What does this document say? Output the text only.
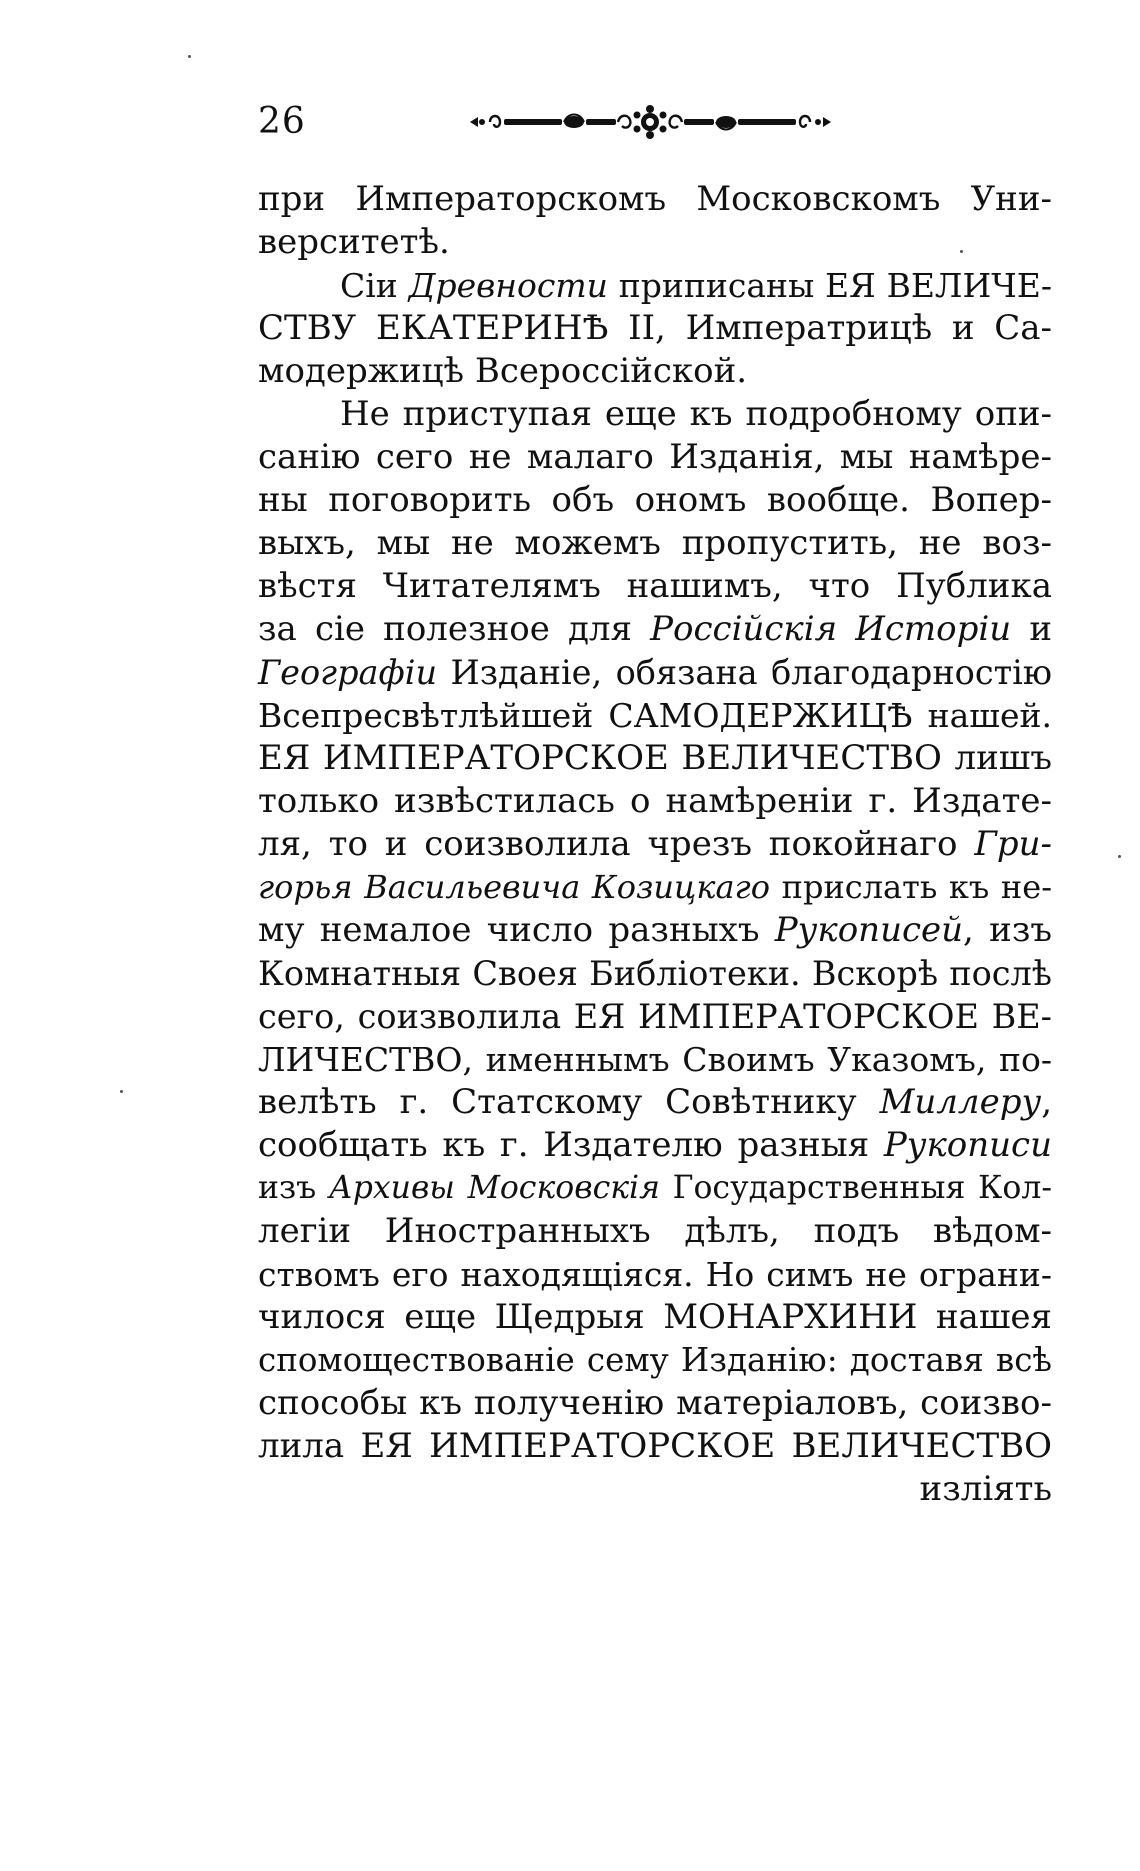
26
при Императорскомъ Московскомъ Уни-
верситетѣ.
Сіи Древности приписаны ЕЯ ВЕЛИЧЕ-
СТВУ ЕКАТЕРИНѢ II, Императрицѣ и Са-
модержицѣ Всероссійской.
Не приступая еще къ подробному опи-
санію сего не малаго Изданія, мы намѣре-
ны поговорить объ ономъ вообще. Вопер-
выхъ, мы не можемъ пропустить, не воз-
вѣстя Читателямъ нашимъ, что Публика
за сіе полезное для Россійскія Исторіи и
Географіи Изданіе, обязана благодарностію
Всепресвѣтлѣйшей САМОДЕРЖИЦѢ нашей.
ЕЯ ИМПЕРАТОРСКОЕ ВЕЛИЧЕСТВО лишъ
только извѣстилась о намѣреніи г. Издате-
ля, то и соизволила чрезъ покойнаго Гри-
горья Васильевича Козицкаго прислать къ не-
му немалое число разныхъ Рукописей, изъ
Комнатныя Своея Библіотеки. Вскорѣ послѣ
сего, соизволила ЕЯ ИМПЕРАТОРСКОЕ ВЕ-
ЛИЧЕСТВО, именнымъ Своимъ Указомъ, по-
велѣть г. Статскому Совѣтнику Миллеру,
сообщать къ г. Издателю разныя Рукописи
изъ Архивы Московскія Государственныя Кол-
легіи Иностранныхъ дѣлъ, подъ вѣдом-
ствомъ его находящіяся. Но симъ не ограни-
чилося еще Щедрыя МОНАРХИНИ нашея
спомоществованіе сему Изданію: доставя всѣ
способы къ полученію матеріаловъ, соизво-
лила ЕЯ ИМПЕРАТОРСКОЕ ВЕЛИЧЕСТВО
изліять
